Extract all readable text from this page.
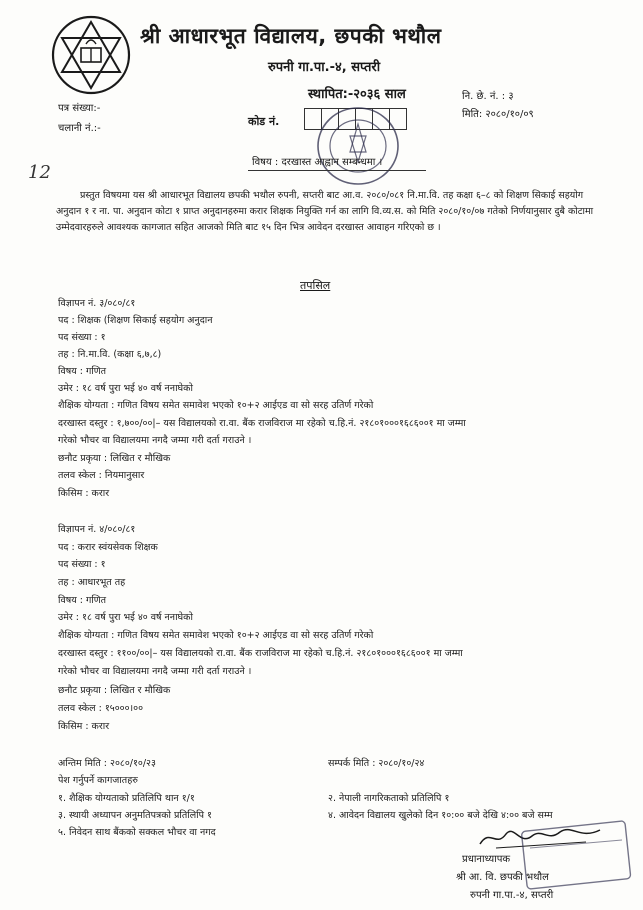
श्री आधारभूत विद्यालय, छपकी भथौल
रुपनी गा.पा.-४, सप्तरी
स्थापित:-२०३६ साल
पत्र संख्या:-
चलानी नं.:-
नि. छे. नं. : ३
मिति: २०८०/१०/०९
कोड नं.
12	विषय : दरखास्त आह्वान सम्बन्धमा ।
प्रस्तुत विषयमा यस श्री आधारभूत विद्यालय छपकी भथौल रुपनी, सप्तरी बाट आ.व. २०८०/०८१ नि.मा.वि. तह कक्षा ६–८ को शिक्षण सिकाई सहयोग अनुदान १ र ना. पा. अनुदान कोटा १ प्राप्त अनुदानहरुमा करार शिक्षक नियुक्ति गर्न का लागि वि.व्य.स. को मिति २०८०/१०/०७ गतेको निर्णयानुसार दुबै कोटामा उम्मेदवारहरुले आवश्यक कागजात सहित आजको मिति बाट १५ दिन भित्र आवेदन दरखास्त आवाहन गरिएको छ ।
तपसिल
विज्ञापन नं. ३/०८०/८१
पद : शिक्षक (शिक्षण सिकाई सहयोग अनुदान
पद संख्या : १
तह : नि.मा.वि. (कक्षा ६,७,८)
विषय : गणित
उमेर : १८ वर्ष पुरा भई ४० वर्ष ननाघेको
शैक्षिक योग्यता : गणित विषय समेत समावेश भएको १०+२ आईएड वा सो सरह उतिर्ण गरेको
दरखास्त दस्तुर : १,७००/००|– यस विद्यालयको रा.वा. बैंक राजविराज मा रहेको च.हि.नं. २१८०१०००१६८६००१ मा जम्मा
गरेको भौचर वा विद्यालयमा नगदै जम्मा गरी दर्ता गराउने ।
छनौट प्रकृया : लिखित र मौखिक
तलव स्केल : नियमानुसार
किसिम : करार
विज्ञापन नं. ४/०८०/८१
पद : करार स्वंयसेवक शिक्षक
पद संख्या : १
तह : आधारभूत तह
विषय : गणित
उमेर : १८ वर्ष पुरा भई ४० वर्ष ननाघेको
शैक्षिक योग्यता : गणित विषय समेत समावेश भएको १०+२ आईएड वा सो सरह उतिर्ण गरेको
दरखास्त दस्तुर : ११००/००|– यस विद्यालयको रा.वा. बैंक राजविराज मा रहेको च.हि.नं. २१८०१०००१६८६००१ मा जम्मा
गरेको भौचर वा विद्यालयमा नगदै जम्मा गरी दर्ता गराउने ।
छनौट प्रकृया : लिखित र मौखिक
तलव स्केल : १५०००।००
किसिम : करार
अन्तिम मिति : २०८०/१०/२३	सम्पर्क मिति : २०८०/१०/२४
पेश गर्नुपर्ने कागजातहरु
१. शैक्षिक योग्यताको प्रतिलिपि थान १/१
३. स्थायी अध्यापन अनुमतिपत्रको प्रतिलिपि १
५. निवेदन साथ बैंकको सक्कल भौचर वा नगद
२. नेपाली नागरिकताको प्रतिलिपि १
४. आवेदन विद्यालय खुलेको दिन १०:०० बजे देखि ४:०० बजे सम्म
प्रधानाध्यापक
श्री आ. वि. छपकी भथौल
रुपनी गा.पा.-४, सप्तरी
